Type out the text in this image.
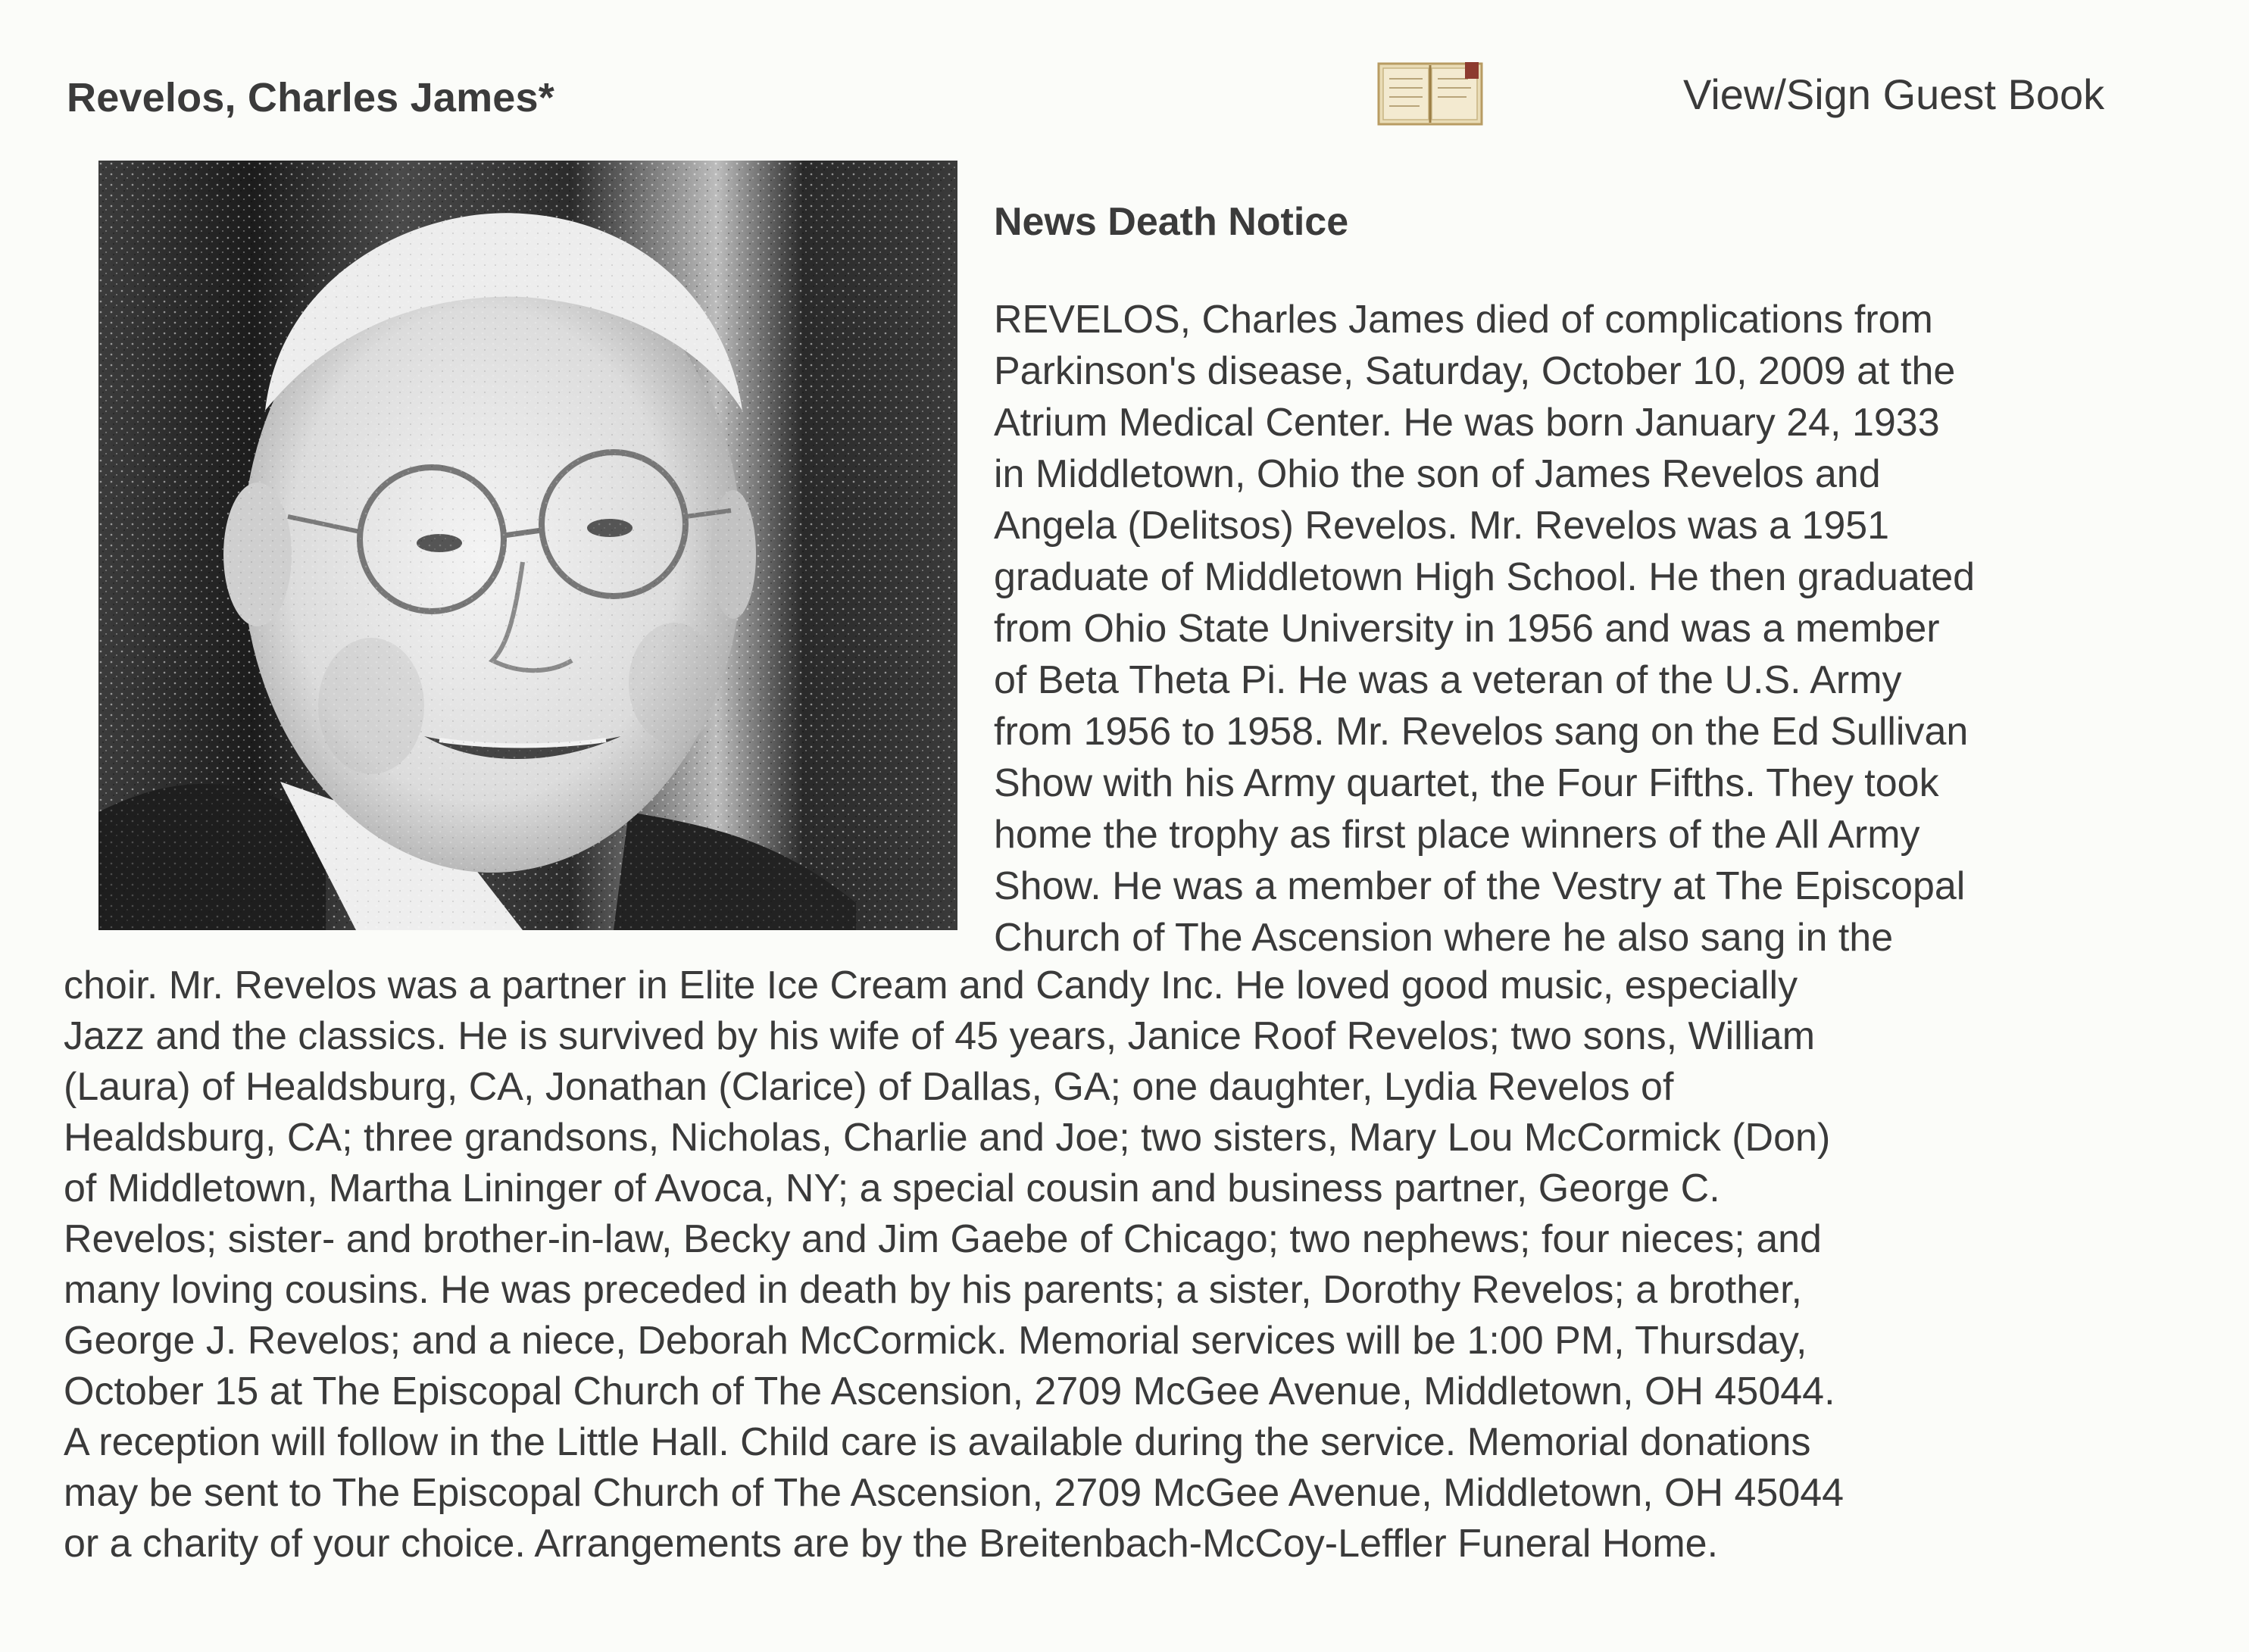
Revelos, Charles James*	View/Sign Guest Book
News Death Notice

REVELOS, Charles James died of complications from
Parkinson's disease, Saturday, October 10, 2009 at the
Atrium Medical Center. He was born January 24, 1933
in Middletown, Ohio the son of James Revelos and
Angela (Delitsos) Revelos. Mr. Revelos was a 1951
graduate of Middletown High School. He then graduated
from Ohio State University in 1956 and was a member
of Beta Theta Pi. He was a veteran of the U.S. Army
from 1956 to 1958. Mr. Revelos sang on the Ed Sullivan
Show with his Army quartet, the Four Fifths. They took
home the trophy as first place winners of the All Army
Show. He was a member of the Vestry at The Episcopal
Church of The Ascension where he also sang in the

choir. Mr. Revelos was a partner in Elite Ice Cream and Candy Inc. He loved good music, especially
Jazz and the classics. He is survived by his wife of 45 years, Janice Roof Revelos; two sons, William
(Laura) of Healdsburg, CA, Jonathan (Clarice) of Dallas, GA; one daughter, Lydia Revelos of
Healdsburg, CA; three grandsons, Nicholas, Charlie and Joe; two sisters, Mary Lou McCormick (Don)
of Middletown, Martha Lininger of Avoca, NY; a special cousin and business partner, George C.
Revelos; sister- and brother-in-law, Becky and Jim Gaebe of Chicago; two nephews; four nieces; and
many loving cousins. He was preceded in death by his parents; a sister, Dorothy Revelos; a brother,
George J. Revelos; and a niece, Deborah McCormick. Memorial services will be 1:00 PM, Thursday,
October 15 at The Episcopal Church of The Ascension, 2709 McGee Avenue, Middletown, OH 45044.
A reception will follow in the Little Hall. Child care is available during the service. Memorial donations
may be sent to The Episcopal Church of The Ascension, 2709 McGee Avenue, Middletown, OH 45044
or a charity of your choice. Arrangements are by the Breitenbach-McCoy-Leffler Funeral Home.
